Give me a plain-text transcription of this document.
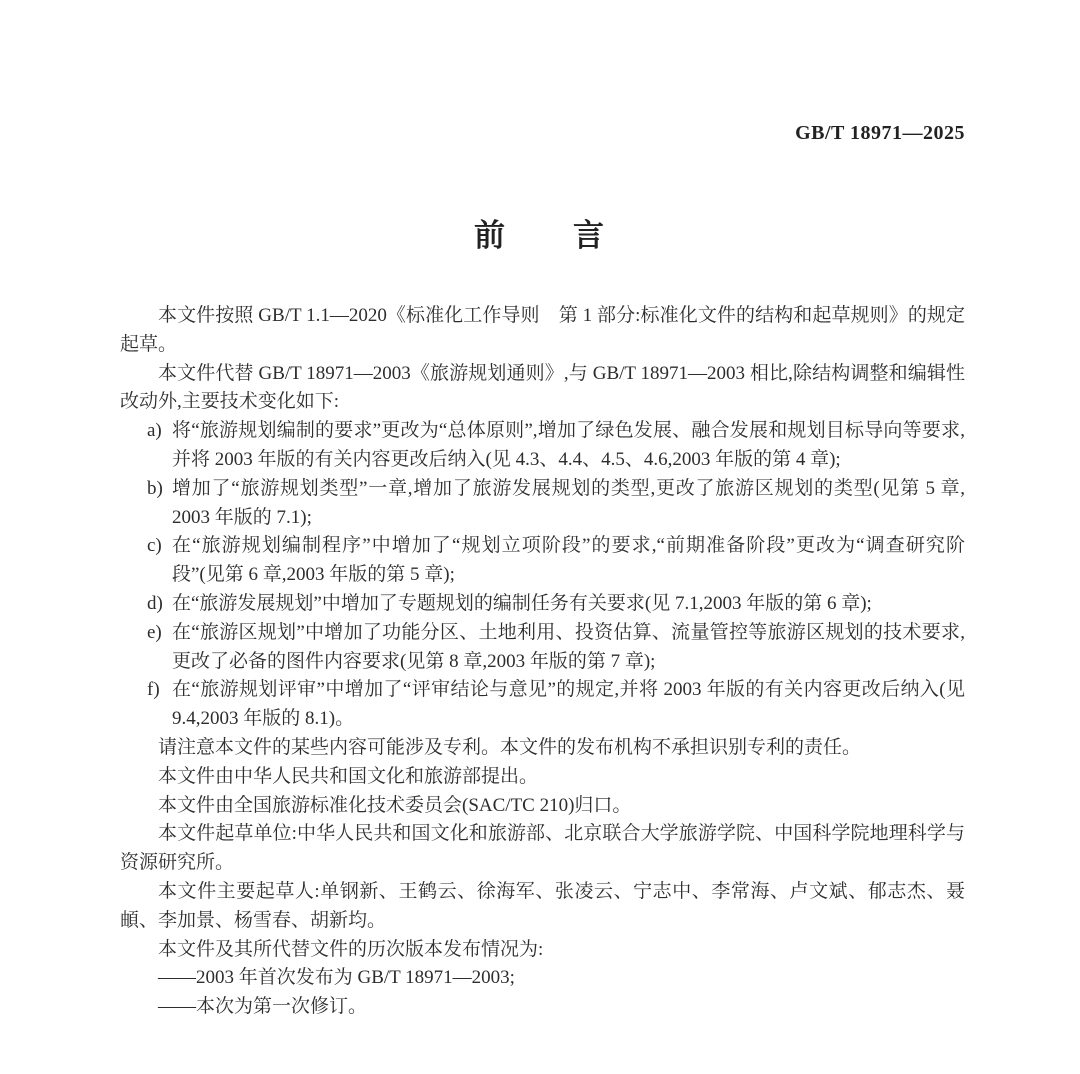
GB/T 18971—2025
前　　言

本文件按照 GB/T 1.1—2020《标准化工作导则　第 1 部分:标准化文件的结构和起草规则》的规定起草。

本文件代替 GB/T 18971—2003《旅游规划通则》,与 GB/T 18971—2003 相比,除结构调整和编辑性改动外,主要技术变化如下:

a) 将“旅游规划编制的要求”更改为“总体原则”,增加了绿色发展、融合发展和规划目标导向等要求,并将 2003 年版的有关内容更改后纳入(见 4.3、4.4、4.5、4.6,2003 年版的第 4 章);
b) 增加了“旅游规划类型”一章,增加了旅游发展规划的类型,更改了旅游区规划的类型(见第 5 章, 2003 年版的 7.1);
c) 在“旅游规划编制程序”中增加了“规划立项阶段”的要求,“前期准备阶段”更改为“调查研究阶段”(见第 6 章,2003 年版的第 5 章);
d) 在“旅游发展规划”中增加了专题规划的编制任务有关要求(见 7.1,2003 年版的第 6 章);
e) 在“旅游区规划”中增加了功能分区、土地利用、投资估算、流量管控等旅游区规划的技术要求,更改了必备的图件内容要求(见第 8 章,2003 年版的第 7 章);
f) 在“旅游规划评审”中增加了“评审结论与意见”的规定,并将 2003 年版的有关内容更改后纳入(见 9.4,2003 年版的 8.1)。

请注意本文件的某些内容可能涉及专利。本文件的发布机构不承担识别专利的责任。

本文件由中华人民共和国文化和旅游部提出。

本文件由全国旅游标准化技术委员会(SAC/TC 210)归口。

本文件起草单位:中华人民共和国文化和旅游部、北京联合大学旅游学院、中国科学院地理科学与资源研究所。

本文件主要起草人:单钢新、王鹤云、徐海军、张凌云、宁志中、李常海、卢文斌、郁志杰、聂頔、李加景、杨雪春、胡新均。

本文件及其所代替文件的历次版本发布情况为:

——2003 年首次发布为 GB/T 18971—2003;

——本次为第一次修订。
